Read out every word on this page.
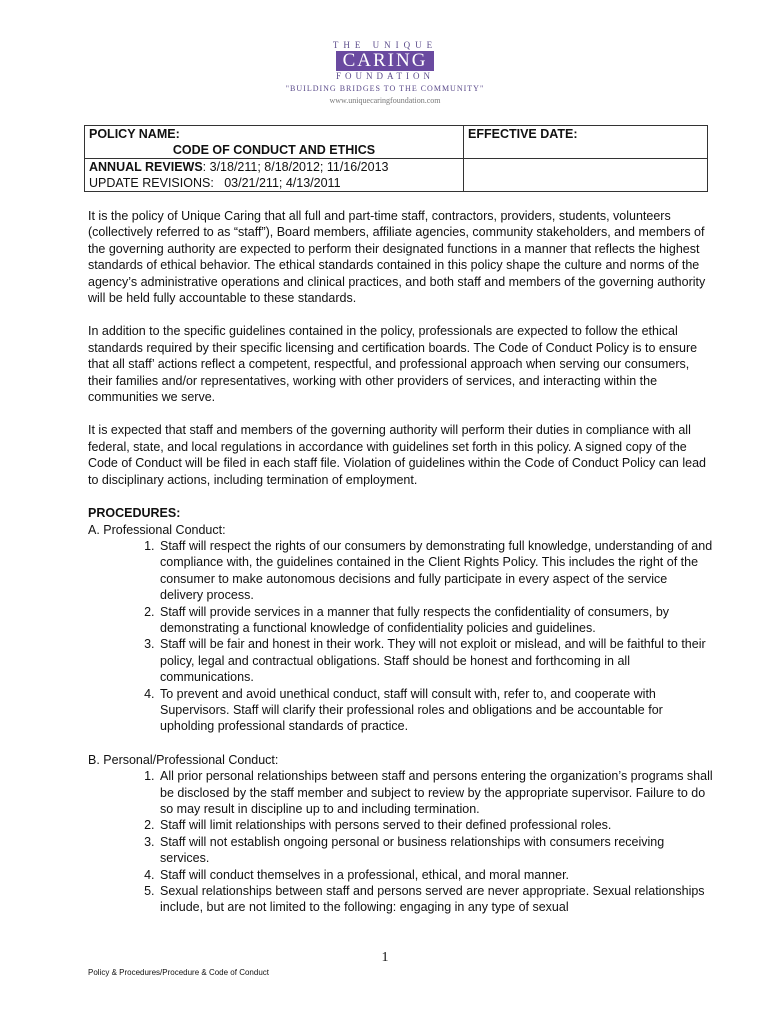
THE UNIQUE
CARING
FOUNDATION
"BUILDING BRIDGES TO THE COMMUNITY"
www.uniquecaringfoundation.com
POLICY NAME:
CODE OF CONDUCT AND ETHICS

EFFECTIVE DATE:

ANNUAL REVIEWS: 3/18/211; 8/18/2012; 11/16/2013
UPDATE REVISIONS: 03/21/211; 4/13/2011

It is the policy of Unique Caring that all full and part-time staff, contractors, providers, students, volunteers (collectively referred to as “staff”), Board members, affiliate agencies, community stakeholders, and members of the governing authority are expected to perform their designated functions in a manner that reflects the highest standards of ethical behavior. The ethical standards contained in this policy shape the culture and norms of the agency’s administrative operations and clinical practices, and both staff and members of the governing authority will be held fully accountable to these standards.

In addition to the specific guidelines contained in the policy, professionals are expected to follow the ethical standards required by their specific licensing and certification boards. The Code of Conduct Policy is to ensure that all staff’ actions reflect a competent, respectful, and professional approach when serving our consumers, their families and/or representatives, working with other providers of services, and interacting within the communities we serve.

It is expected that staff and members of the governing authority will perform their duties in compliance with all federal, state, and local regulations in accordance with guidelines set forth in this policy. A signed copy of the Code of Conduct will be filed in each staff file. Violation of guidelines within the Code of Conduct Policy can lead to disciplinary actions, including termination of employment.

PROCEDURES:
A. Professional Conduct:
1. Staff will respect the rights of our consumers by demonstrating full knowledge, understanding of and compliance with, the guidelines contained in the Client Rights Policy. This includes the right of the consumer to make autonomous decisions and fully participate in every aspect of the service delivery process.
2. Staff will provide services in a manner that fully respects the confidentiality of consumers, by demonstrating a functional knowledge of confidentiality policies and guidelines.
3. Staff will be fair and honest in their work. They will not exploit or mislead, and will be faithful to their policy, legal and contractual obligations. Staff should be honest and forthcoming in all communications.
4. To prevent and avoid unethical conduct, staff will consult with, refer to, and cooperate with Supervisors. Staff will clarify their professional roles and obligations and be accountable for upholding professional standards of practice.
B. Personal/Professional Conduct:
1. All prior personal relationships between staff and persons entering the organization’s programs shall be disclosed by the staff member and subject to review by the appropriate supervisor. Failure to do so may result in discipline up to and including termination.
2. Staff will limit relationships with persons served to their defined professional roles.
3. Staff will not establish ongoing personal or business relationships with consumers receiving services.
4. Staff will conduct themselves in a professional, ethical, and moral manner.
5. Sexual relationships between staff and persons served are never appropriate. Sexual relationships include, but are not limited to the following: engaging in any type of sexual
1
Policy & Procedures/Procedure & Code of Conduct
